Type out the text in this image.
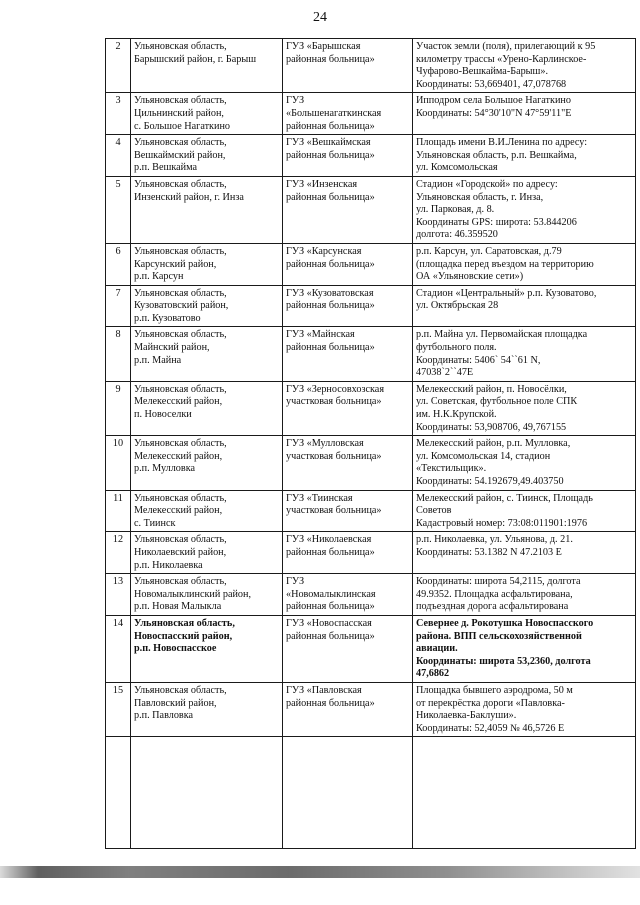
24
2	Ульяновская область,
Барышский район, г. Барыш	ГУЗ «Барышская
районная больница»	Участок земли (поля), прилегающий к 95
километру трассы «Урено-Карлинское-
Чуфарово-Вешкайма-Барыш».
Координаты: 53,669401, 47,078768
3	Ульяновская область,
Цильнинский район,
с. Большое Нагаткино	ГУЗ
«Большенагаткинская
районная больница»	Ипподром села Большое Нагаткино
Координаты: 54°30'10"N 47°59'11"E
4	Ульяновская область,
Вешкаймский район,
р.п. Вешкайма	ГУЗ «Вешкаймская
районная больница»	Площадь имени В.И.Ленина по адресу:
Ульяновская область, р.п. Вешкайма,
ул. Комсомольская
5	Ульяновская область,
Инзенский район, г. Инза	ГУЗ «Инзенская
районная больница»	Стадион «Городской» по адресу:
Ульяновская область, г. Инза,
ул. Парковая, д. 8.
Координаты GPS: широта: 53.844206
долгота: 46.359520
6	Ульяновская область,
Карсунский район,
р.п. Карсун	ГУЗ «Карсунская
районная больница»	р.п. Карсун, ул. Саратовская, д.79
(площадка перед въездом на территорию
ОА «Ульяновские сети»)
7	Ульяновская область,
Кузоватовский район,
р.п. Кузоватово	ГУЗ «Кузоватовская
районная больница»	Стадион «Центральный» р.п. Кузоватово,
ул. Октябрьская 28
8	Ульяновская область,
Майнский район,
р.п. Майна	ГУЗ «Майнская
районная больница»	р.п. Майна ул. Первомайская площадка
футбольного поля.
Координаты: 5406` 54``61 N,
47038`2``47E
9	Ульяновская область,
Мелекесский район,
п. Новоселки	ГУЗ «Зерносовхозская
участковая больница»	Мелекесский район, п. Новосёлки,
ул. Советская, футбольное поле СПК
им. Н.К.Крупской.
Координаты: 53,908706, 49,767155
10	Ульяновская область,
Мелекесский район,
р.п. Мулловка	ГУЗ «Мулловская
участковая больница»	Мелекесский район, р.п. Мулловка,
ул. Комсомольская 14, стадион
«Текстильщик».
Координаты: 54.192679,49.403750
11	Ульяновская область,
Мелекесский район,
с. Тиинск	ГУЗ «Тиинская
участковая больница»	Мелекесский район, с. Тиинск, Площадь
Советов
Кадастровый номер: 73:08:011901:1976
12	Ульяновская область,
Николаевский район,
р.п. Николаевка	ГУЗ «Николаевская
районная больница»	р.п. Николаевка, ул. Ульянова, д. 21.
Координаты: 53.1382 N 47.2103 E
13	Ульяновская область,
Новомалыклинский район,
р.п. Новая Малыкла	ГУЗ
«Новомалыклинская
районная больница»	Координаты: широта 54,2115, долгота
49.9352. Площадка асфальтирована,
подъездная дорога асфальтирована
14	Ульяновская область,
Новоспасский район,
р.п. Новоспасское	ГУЗ «Новоспасская
районная больница»	Севернее д. Рокотушка Новоспасского
района. ВПП сельскохозяйственной
авиации.
Координаты: широта 53,2360, долгота
47,6862
15	Ульяновская область,
Павловский район,
р.п. Павловка	ГУЗ «Павловская
районная больница»	Площадка бывшего аэродрома, 50 м
от перекрёстка дороги «Павловка-
Николаевка-Баклуши».
Координаты: 52,4059 № 46,5726 Е
